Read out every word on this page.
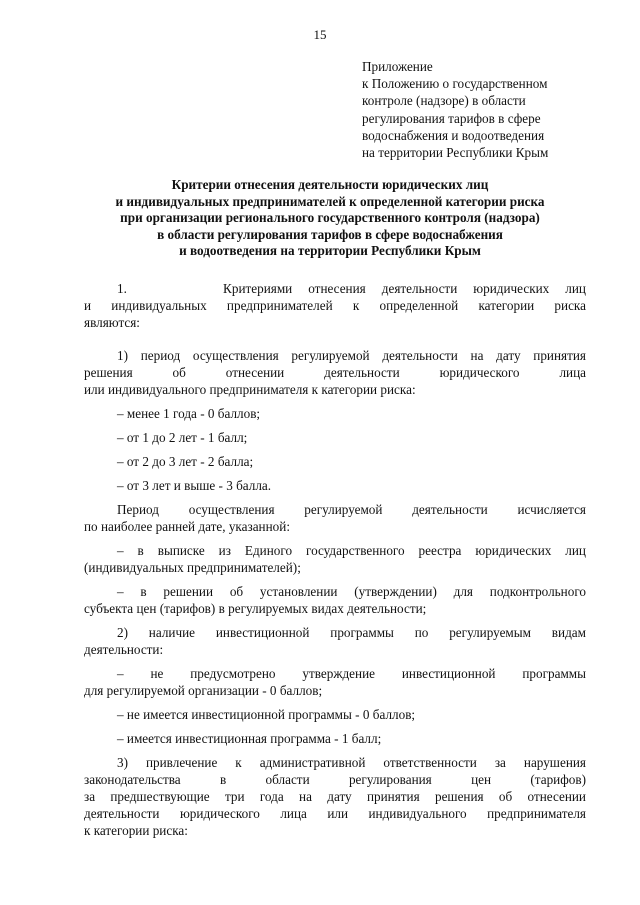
15
Приложение
к Положению о государственном
контроле (надзоре) в области
регулирования тарифов в сфере
водоснабжения и водоотведения
на территории Республики Крым
Критерии отнесения деятельности юридических лиц
и индивидуальных предпринимателей к определенной категории риска
при организации регионального государственного контроля (надзора)
в области регулирования тарифов в сфере водоснабжения
и водоотведения на территории Республики Крым
1.      Критериями отнесения деятельности юридических лиц
и индивидуальных предпринимателей к определенной категории риска
являются:
1) период осуществления регулируемой деятельности на дату принятия
решения об отнесении деятельности юридического лица
или индивидуального предпринимателя к категории риска:
– менее 1 года - 0 баллов;
– от 1 до 2 лет - 1 балл;
– от 2 до 3 лет - 2 балла;
– от 3 лет и выше - 3 балла.
Период осуществления регулируемой деятельности исчисляется
по наиболее ранней дате, указанной:
– в выписке из Единого государственного реестра юридических лиц
(индивидуальных предпринимателей);
– в решении об установлении (утверждении) для подконтрольного
субъекта цен (тарифов) в регулируемых видах деятельности;
2) наличие инвестиционной программы по регулируемым видам
деятельности:
– не предусмотрено утверждение инвестиционной программы
для регулируемой организации - 0 баллов;
– не имеется инвестиционной программы - 0 баллов;
– имеется инвестиционная программа - 1 балл;
3) привлечение к административной ответственности за нарушения
законодательства в области регулирования цен (тарифов)
за предшествующие три года на дату принятия решения об отнесении
деятельности юридического лица или индивидуального предпринимателя
к категории риска:
